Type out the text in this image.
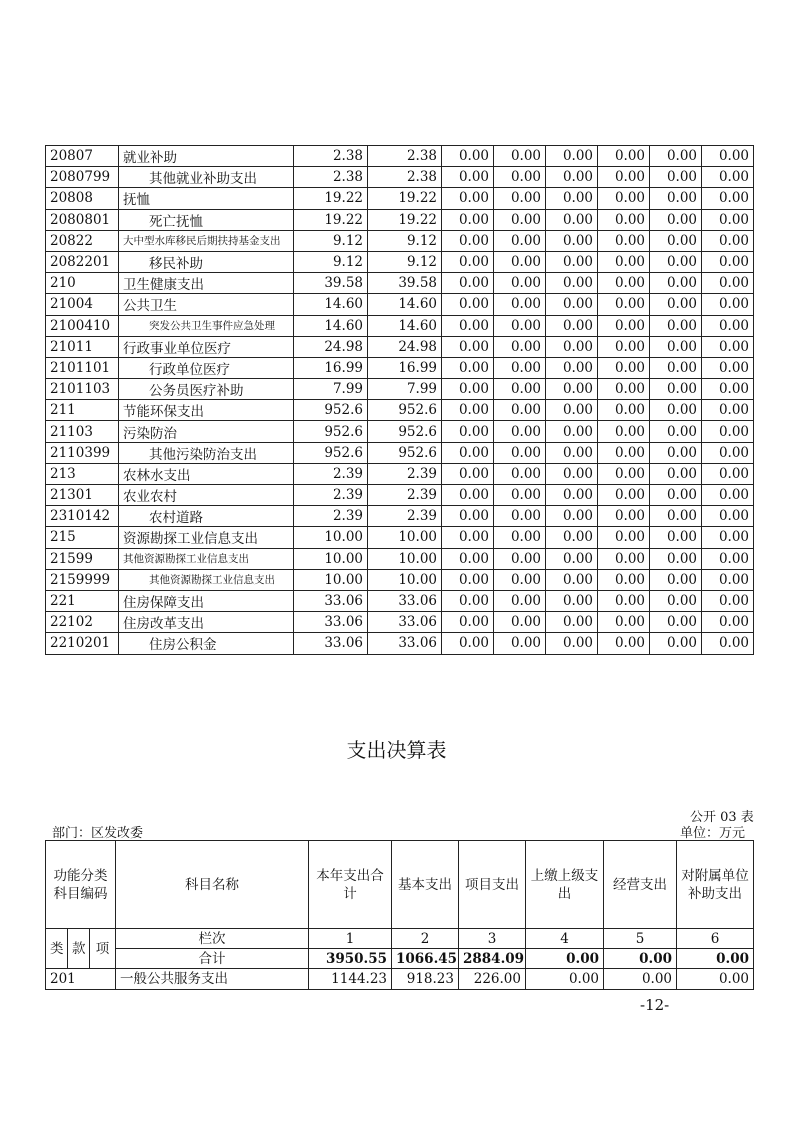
20807	就业补助	2.38	2.38	0.00	0.00	0.00	0.00	0.00	0.00
2080799	其他就业补助支出	2.38	2.38	0.00	0.00	0.00	0.00	0.00	0.00
20808	抚恤	19.22	19.22	0.00	0.00	0.00	0.00	0.00	0.00
2080801	死亡抚恤	19.22	19.22	0.00	0.00	0.00	0.00	0.00	0.00
20822	大中型水库移民后期扶持基金支出	9.12	9.12	0.00	0.00	0.00	0.00	0.00	0.00
2082201	移民补助	9.12	9.12	0.00	0.00	0.00	0.00	0.00	0.00
210	卫生健康支出	39.58	39.58	0.00	0.00	0.00	0.00	0.00	0.00
21004	公共卫生	14.60	14.60	0.00	0.00	0.00	0.00	0.00	0.00
2100410	突发公共卫生事件应急处理	14.60	14.60	0.00	0.00	0.00	0.00	0.00	0.00
21011	行政事业单位医疗	24.98	24.98	0.00	0.00	0.00	0.00	0.00	0.00
2101101	行政单位医疗	16.99	16.99	0.00	0.00	0.00	0.00	0.00	0.00
2101103	公务员医疗补助	7.99	7.99	0.00	0.00	0.00	0.00	0.00	0.00
211	节能环保支出	952.6	952.6	0.00	0.00	0.00	0.00	0.00	0.00
21103	污染防治	952.6	952.6	0.00	0.00	0.00	0.00	0.00	0.00
2110399	其他污染防治支出	952.6	952.6	0.00	0.00	0.00	0.00	0.00	0.00
213	农林水支出	2.39	2.39	0.00	0.00	0.00	0.00	0.00	0.00
21301	农业农村	2.39	2.39	0.00	0.00	0.00	0.00	0.00	0.00
2310142	农村道路	2.39	2.39	0.00	0.00	0.00	0.00	0.00	0.00
215	资源勘探工业信息支出	10.00	10.00	0.00	0.00	0.00	0.00	0.00	0.00
21599	其他资源勘探工业信息支出	10.00	10.00	0.00	0.00	0.00	0.00	0.00	0.00
2159999	其他资源勘探工业信息支出	10.00	10.00	0.00	0.00	0.00	0.00	0.00	0.00
221	住房保障支出	33.06	33.06	0.00	0.00	0.00	0.00	0.00	0.00
22102	住房改革支出	33.06	33.06	0.00	0.00	0.00	0.00	0.00	0.00
2210201	住房公积金	33.06	33.06	0.00	0.00	0.00	0.00	0.00	0.00
支出决算表
公开 03 表
部门：区发改委	单位：万元
功能分类科目编码			科目名称	本年支出合计	基本支出	项目支出	上缴上级支出	经营支出	对附属单位补助支出
类	款	项	栏次	1	2	3	4	5	6
			合计	3950.55	1066.45	2884.09	0.00	0.00	0.00
201			一般公共服务支出	1144.23	918.23	226.00	0.00	0.00	0.00
-12-
